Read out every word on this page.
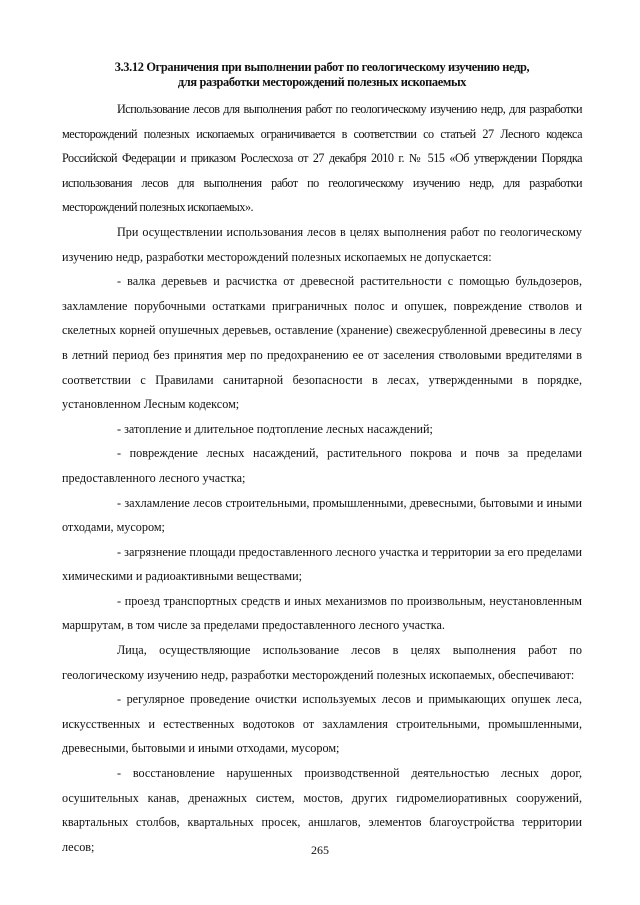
3.3.12 Ограничения при выполнении работ по геологическому изучению недр,
для разработки месторождений полезных ископаемых

Использование лесов для выполнения работ по геологическому изучению недр, для разработки месторождений полезных ископаемых ограничивается в соответствии со статьей 27 Лесного кодекса Российской Федерации и приказом Рослесхоза от 27 декабря 2010 г. № 515 «Об утверждении Порядка использования лесов для выполнения работ по геологическому изучению недр, для разработки месторождений полезных ископаемых».

При осуществлении использования лесов в целях выполнения работ по геологическому изучению недр, разработки месторождений полезных ископаемых не допускается:

- валка деревьев и расчистка от древесной растительности с помощью бульдозеров, захламление порубочными остатками приграничных полос и опушек, повреждение стволов и скелетных корней опушечных деревьев, оставление (хранение) свежесрубленной древесины в лесу в летний период без принятия мер по предохранению ее от заселения стволовыми вредителями в соответствии с Правилами санитарной безопасности в лесах, утвержденными в порядке, установленном Лесным кодексом;

- затопление и длительное подтопление лесных насаждений;

- повреждение лесных насаждений, растительного покрова и почв за пределами предоставленного лесного участка;

- захламление лесов строительными, промышленными, древесными, бытовыми и иными отходами, мусором;

- загрязнение площади предоставленного лесного участка и территории за его пределами химическими и радиоактивными веществами;

- проезд транспортных средств и иных механизмов по произвольным, неустановленным маршрутам, в том числе за пределами предоставленного лесного участка.

Лица, осуществляющие использование лесов в целях выполнения работ по геологическому изучению недр, разработки месторождений полезных ископаемых, обеспечивают:

- регулярное проведение очистки используемых лесов и примыкающих опушек леса, искусственных и естественных водотоков от захламления строительными, промышленными, древесными, бытовыми и иными отходами, мусором;

- восстановление нарушенных производственной деятельностью лесных дорог, осушительных канав, дренажных систем, мостов, других гидромелиоративных сооружений, квартальных столбов, квартальных просек, аншлагов, элементов благоустройства территории лесов;	265
